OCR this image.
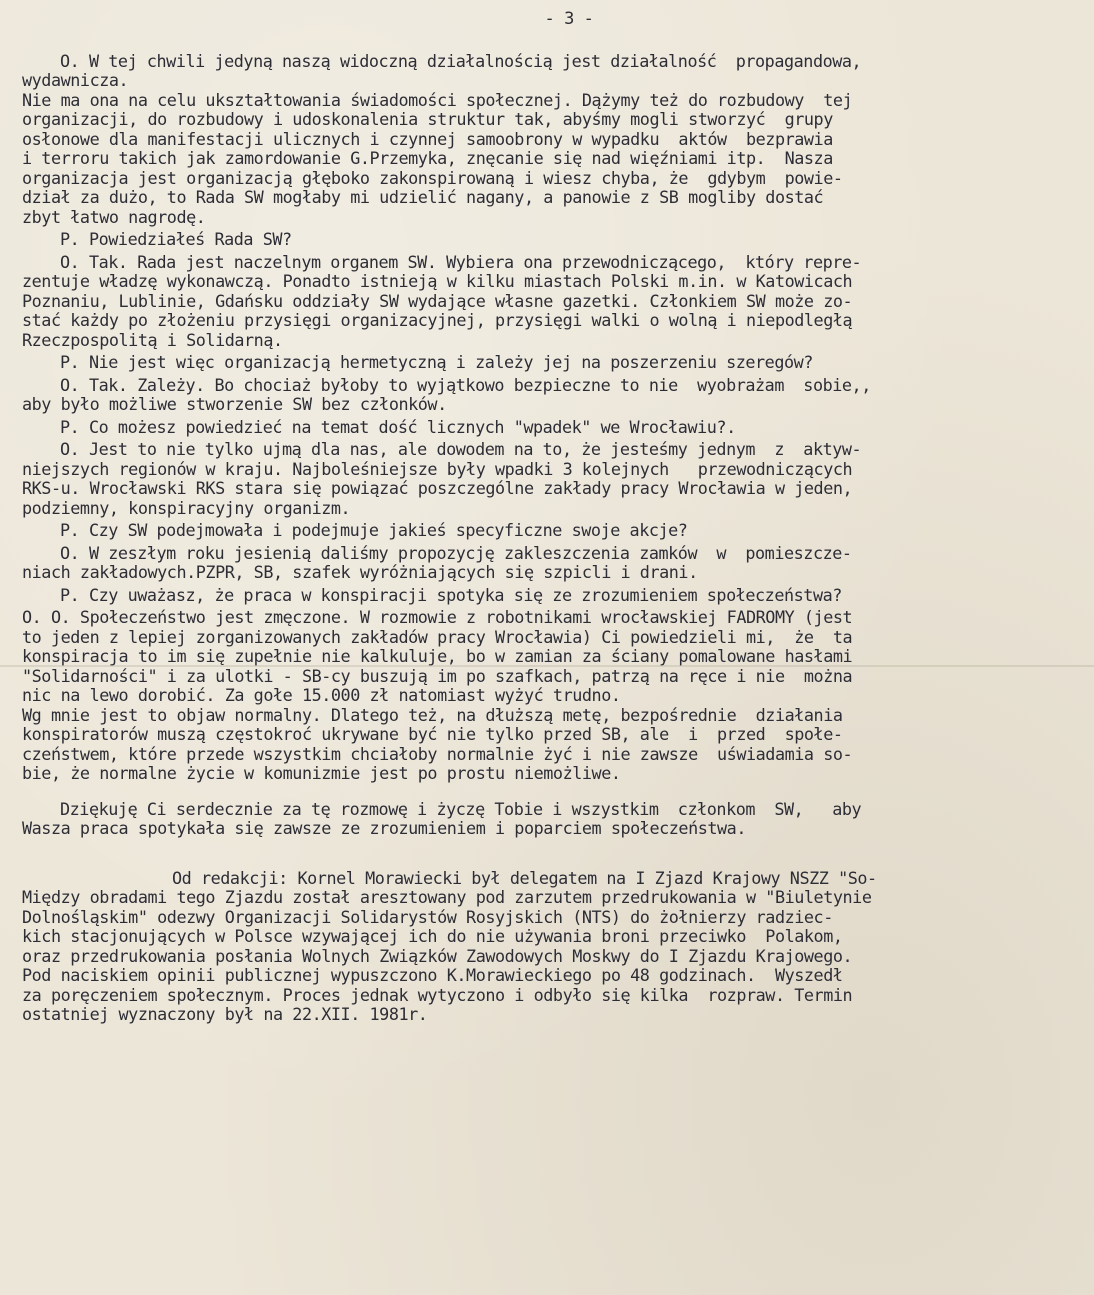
- 3 -
O. W tej chwili jedyną naszą widoczną działalnością jest działalność  propagandowa,
wydawnicza.
Nie ma ona na celu ukształtowania świadomości społecznej. Dążymy też do rozbudowy  tej
organizacji, do rozbudowy i udoskonalenia struktur tak, abyśmy mogli stworzyć  grupy
osłonowe dla manifestacji ulicznych i czynnej samoobrony w wypadku  aktów  bezprawia
i terroru takich jak zamordowanie G.Przemyka, znęcanie się nad więźniami itp.  Nasza
organizacja jest organizacją głęboko zakonspirowaną i wiesz chyba, że  gdybym  powie-
dział za dużo, to Rada SW mogłaby mi udzielić nagany, a panowie z SB mogliby dostać
zbyt łatwo nagrodę.
P. Powiedziałeś Rada SW?
O. Tak. Rada jest naczelnym organem SW. Wybiera ona przewodniczącego,  który repre-
zentuje władzę wykonawczą. Ponadto istnieją w kilku miastach Polski m.in. w Katowicach
Poznaniu, Lublinie, Gdańsku oddziały SW wydające własne gazetki. Członkiem SW może zo-
stać każdy po złożeniu przysięgi organizacyjnej, przysięgi walki o wolną i niepodległą
Rzeczpospolitą i Solidarną.
P. Nie jest więc organizacją hermetyczną i zależy jej na poszerzeniu szeregów?
O. Tak. Zależy. Bo chociaż byłoby to wyjątkowo bezpieczne to nie  wyobrażam  sobie,,
aby było możliwe stworzenie SW bez członków.
P. Co możesz powiedzieć na temat dość licznych "wpadek" we Wrocławiu?.
O. Jest to nie tylko ujmą dla nas, ale dowodem na to, że jesteśmy jednym  z  aktyw-
niejszych regionów w kraju. Najboleśniejsze były wpadki 3 kolejnych   przewodniczących
RKS-u. Wrocławski RKS stara się powiązać poszczególne zakłady pracy Wrocławia w jeden,
podziemny, konspiracyjny organizm.
P. Czy SW podejmowała i podejmuje jakieś specyficzne swoje akcje?
O. W zeszłym roku jesienią daliśmy propozycję zakleszczenia zamków  w  pomieszcze-
niach zakładowych.PZPR, SB, szafek wyróżniających się szpicli i drani.
P. Czy uważasz, że praca w konspiracji spotyka się ze zrozumieniem społeczeństwa?
O. O. Społeczeństwo jest zmęczone. W rozmowie z robotnikami wrocławskiej FADROMY (jest
to jeden z lepiej zorganizowanych zakładów pracy Wrocławia) Ci powiedzieli mi,  że  ta
konspiracja to im się zupełnie nie kalkuluje, bo w zamian za ściany pomalowane hasłami
"Solidarności" i za ulotki - SB-cy buszują im po szafkach, patrzą na ręce i nie  można
nic na lewo dorobić. Za gołe 15.000 zł natomiast wyżyć trudno.
Wg mnie jest to objaw normalny. Dlatego też, na dłuższą metę, bezpośrednie  działania
konspiratorów muszą częstokroć ukrywane być nie tylko przed SB, ale  i  przed  społe-
czeństwem, które przede wszystkim chciałoby normalnie żyć i nie zawsze  uświadamia so-
bie, że normalne życie w komunizmie jest po prostu niemożliwe.
Dziękuję Ci serdecznie za tę rozmowę i życzę Tobie i wszystkim  członkom  SW,   aby
Wasza praca spotykała się zawsze ze zrozumieniem i poparciem społeczeństwa.
Od redakcji: Kornel Morawiecki był delegatem na I Zjazd Krajowy NSZZ "So-
Między obradami tego Zjazdu został aresztowany pod zarzutem przedrukowania w "Biuletynie
Dolnośląskim" odezwy Organizacji Solidarystów Rosyjskich (NTS) do żołnierzy radziec-
kich stacjonujących w Polsce wzywającej ich do nie używania broni przeciwko  Polakom,
oraz przedrukowania posłania Wolnych Związków Zawodowych Moskwy do I Zjazdu Krajowego.
Pod naciskiem opinii publicznej wypuszczono K.Morawieckiego po 48 godzinach.  Wyszedł
za poręczeniem społecznym. Proces jednak wytyczono i odbyło się kilka  rozpraw. Termin
ostatniej wyznaczony był na 22.XII. 1981r.
